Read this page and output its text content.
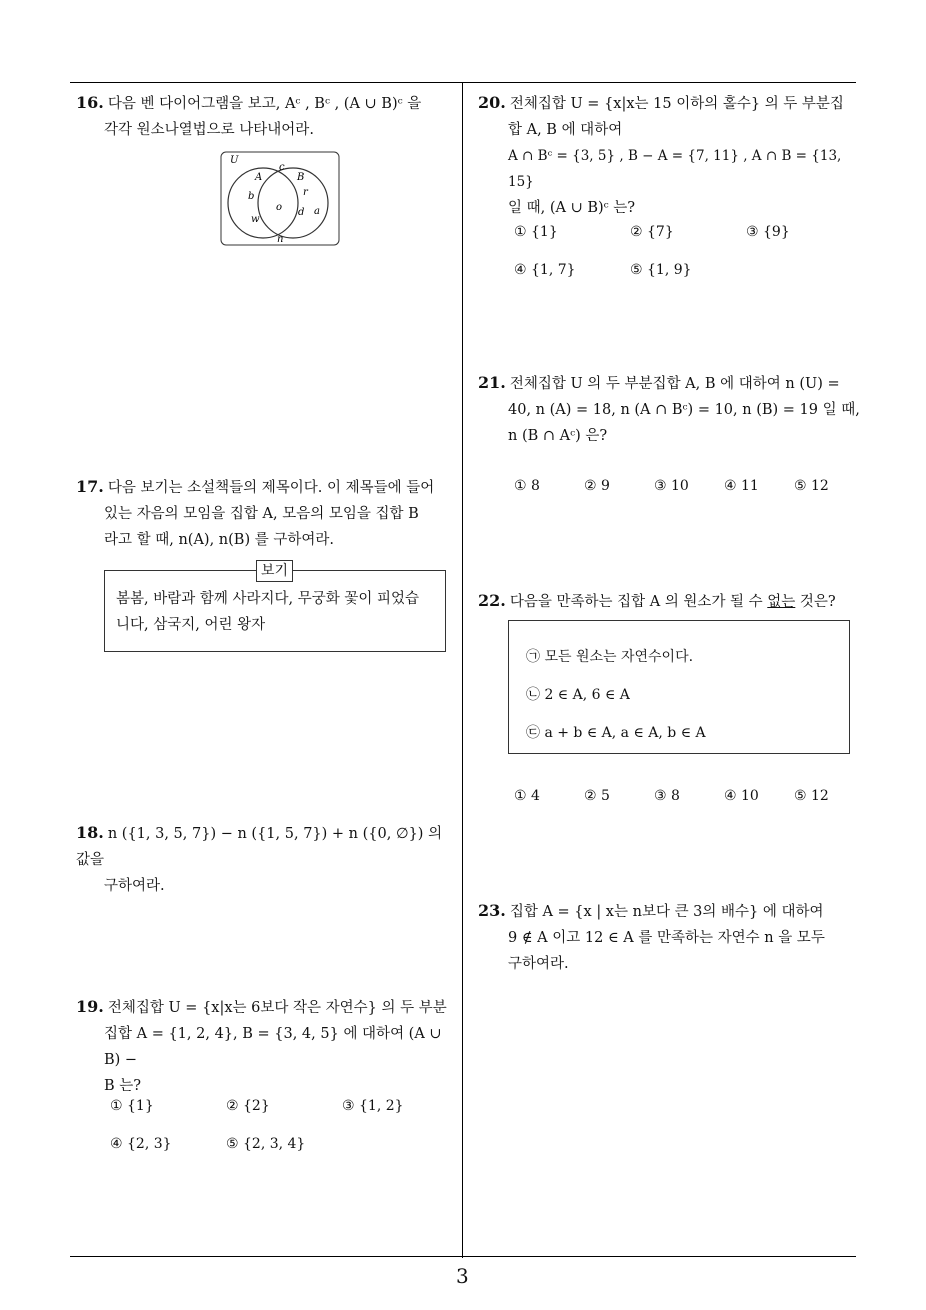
16. 다음 벤 다이어그램을 보고, Aᶜ , Bᶜ , (A ∪ B)ᶜ 을
각각 원소나열법으로 나타내어라.
U
A	B
c
b
o
r
d a
w
n
17. 다음 보기는 소설책들의 제목이다. 이 제목들에 들어
있는 자음의 모임을 집합 A, 모음의 모임을 집합 B
라고 할 때, n(A), n(B) 를 구하여라.
보기
봄봄, 바람과 함께 사라지다, 무궁화 꽃이 피었습
니다, 삼국지, 어린 왕자
18. n ({1, 3, 5, 7}) − n ({1, 5, 7}) + n ({0, ∅}) 의 값을
구하여라.
19. 전체집합 U = {x|x는 6보다 작은 자연수} 의 두 부분
집합 A = {1, 2, 4}, B = {3, 4, 5} 에 대하여 (A ∪ B) −
B 는?
① {1}	② {2}	③ {1, 2}
④ {2, 3}	⑤ {2, 3, 4}
20. 전체집합 U = {x|x는 15 이하의 홀수} 의 두 부분집
합 A, B 에 대하여
A ∩ Bᶜ = {3, 5} , B − A = {7, 11} , A ∩ B = {13, 15}
일 때, (A ∪ B)ᶜ 는?
① {1}	② {7}	③ {9}
④ {1, 7}	⑤ {1, 9}
21. 전체집합 U 의 두 부분집합 A, B 에 대하여 n (U) =
40, n (A) = 18, n (A ∩ Bᶜ) = 10, n (B) = 19 일 때,
n (B ∩ Aᶜ) 은?
① 8	② 9	③ 10	④ 11	⑤ 12
22. 다음을 만족하는 집합 A 의 원소가 될 수 없는 것은?
㉠ 모든 원소는 자연수이다.
㉡ 2 ∈ A, 6 ∈ A
㉢ a + b ∈ A, a ∈ A, b ∈ A
① 4	② 5	③ 8	④ 10	⑤ 12
23. 집합 A = {x | x는 n보다 큰 3의 배수} 에 대하여
9 ∉ A 이고 12 ∈ A 를 만족하는 자연수 n 을 모두
구하여라.
3
